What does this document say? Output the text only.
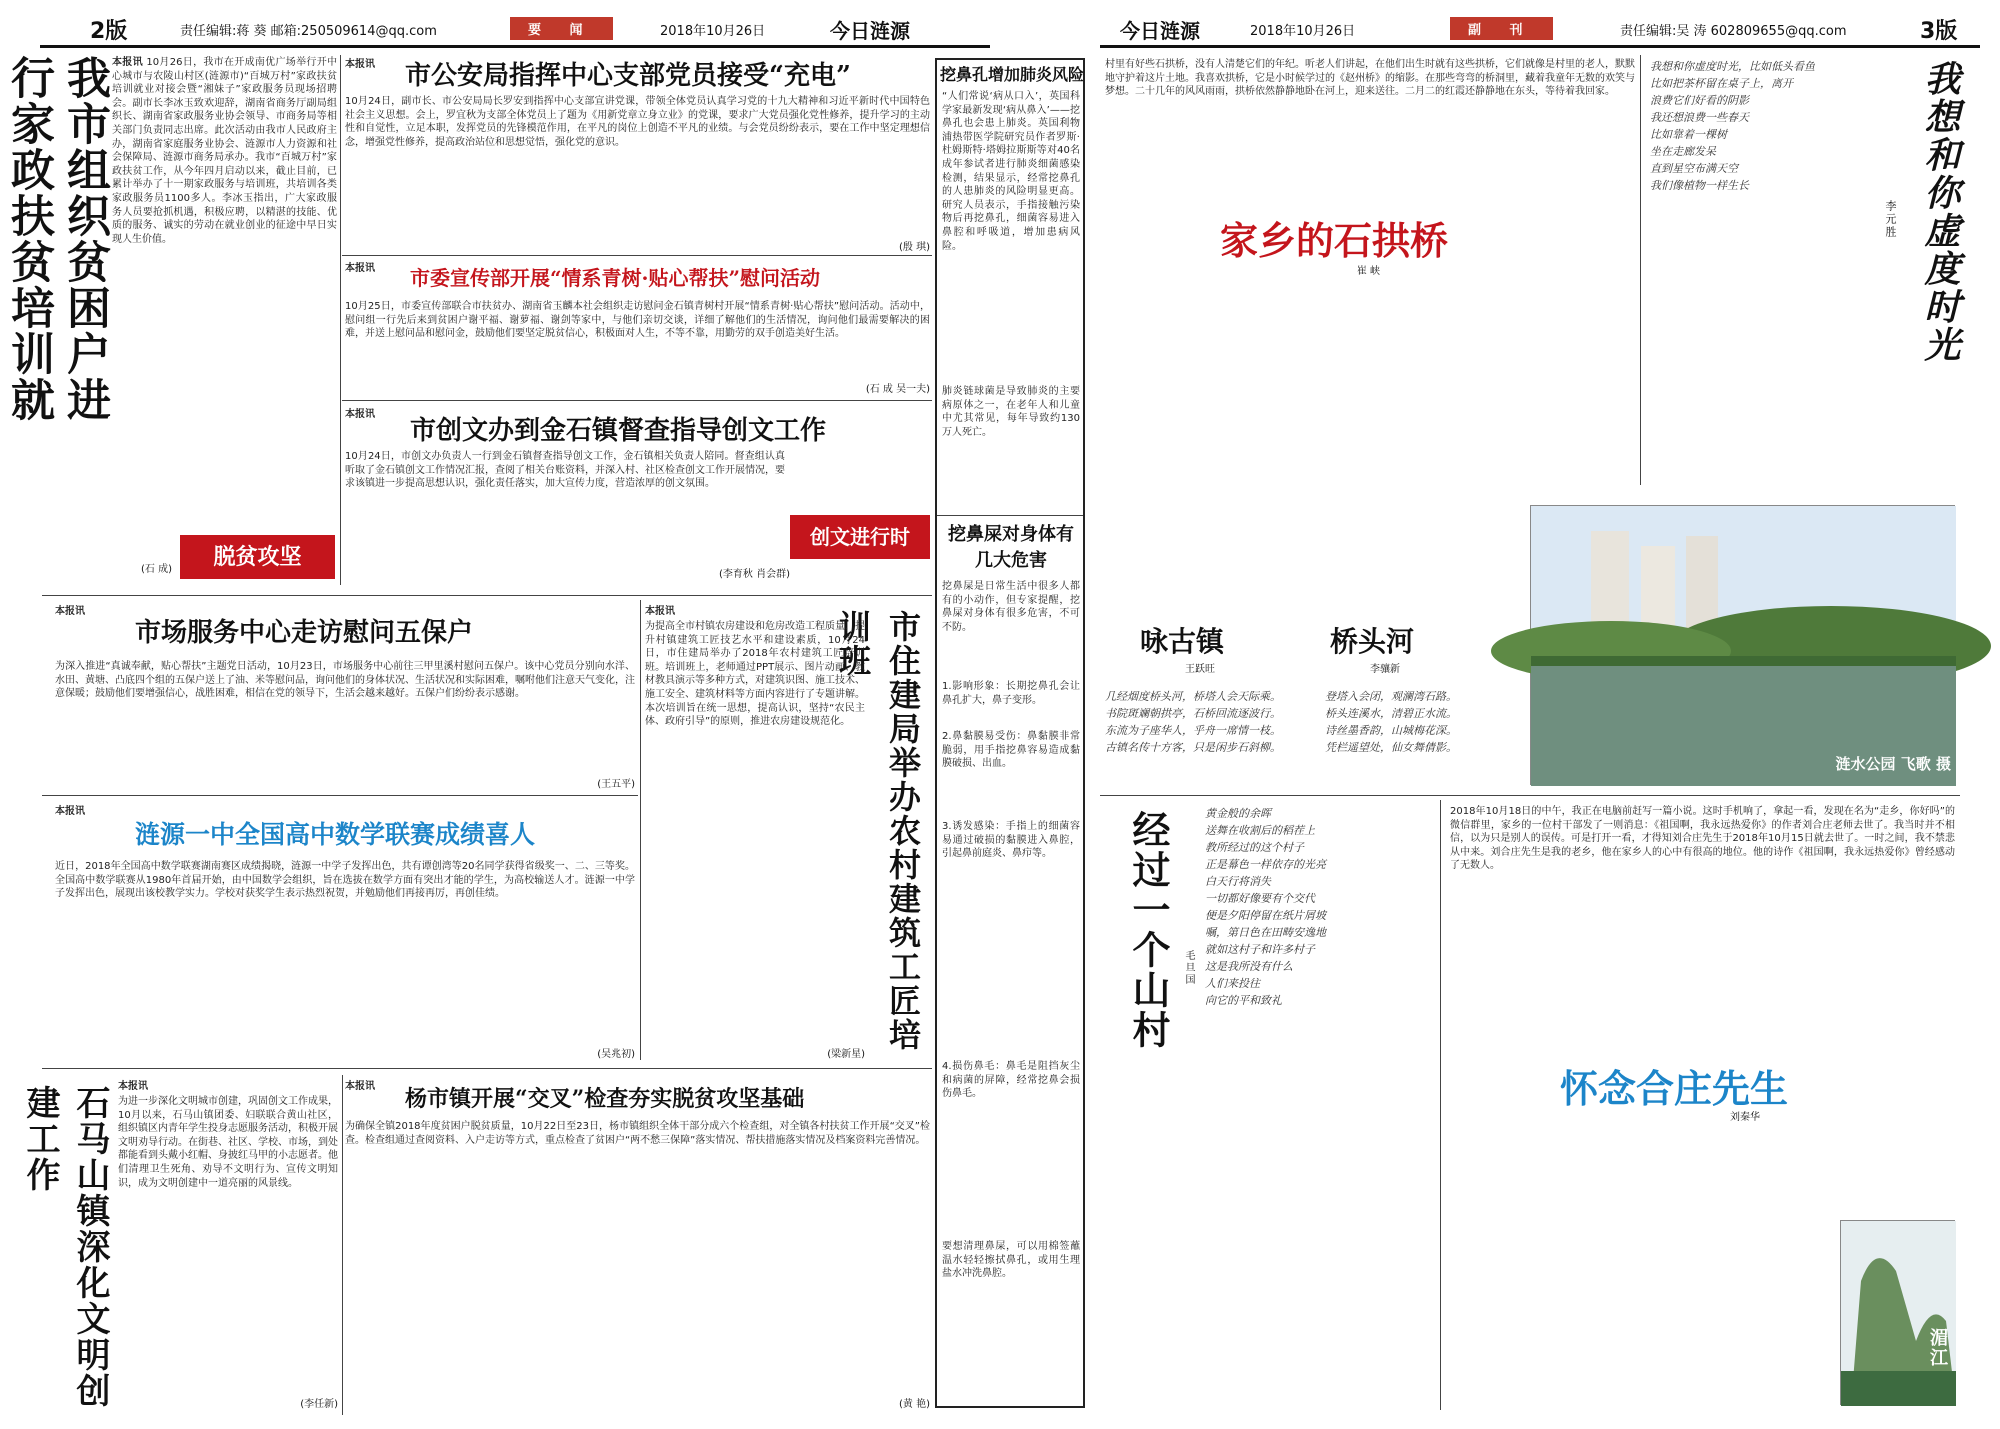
2版	责任编辑:蒋 葵 邮箱:250509614@qq.com	要 闻	2018年10月26日	今日涟源	今日涟源	2018年10月26日	副 刊	责任编辑:吴 涛 602809655@qq.com	3版
我市组织贫困户进行家政扶贫培训就
本报讯 10月26日，我市在开成南优广场举行开中心城市与农陵山村区(涟源市)“百城万村”家政扶贫培训就业对接会暨“湘妹子”家政服务员现场招聘会。副市长李冰玉致欢迎辞，湖南省商务厅副局组织长、湖南省家政服务业协会领导、市商务局等相关部门负责同志出席。此次活动由我市人民政府主办，湖南省家庭服务业协会、涟源市人力资源和社会保障局、涟源市商务局承办。我市“百城万村”家政扶贫工作，从今年四月启动以来，截止目前，已累计举办了十一期家政服务与培训班，共培训各类家政服务员1100多人。李冰玉指出，广大家政服务人员要抢抓机遇，积极应聘，以精湛的技能、优质的服务、诚实的劳动在就业创业的征途中早日实现人生价值。
(石 成)	脱贫攻坚
市公安局指挥中心支部党员接受“充电”
本报讯
10月24日，副市长、市公安局局长罗安到指挥中心支部宣讲党课，带领全体党员认真学习党的十九大精神和习近平新时代中国特色社会主义思想。会上，罗宜秋为支部全体党员上了题为《用新党章立身立业》的党课，要求广大党员强化党性修养，提升学习的主动性和自觉性，立足本职，发挥党员的先锋模范作用，在平凡的岗位上创造不平凡的业绩。与会党员纷纷表示，要在工作中坚定理想信念，增强党性修养，提高政治站位和思想觉悟，强化党的意识。
(殷 琪)
本报讯	市委宣传部开展“情系青树·贴心帮扶”慰问活动
10月25日，市委宣传部联合市扶贫办、湖南省玉麟本社会组织走访慰问金石镇青树村开展“情系青树·贴心帮扶”慰问活动。活动中，慰问组一行先后来到贫困户谢平福、谢萝福、谢剑等家中，与他们亲切交谈，详细了解他们的生活情况，询问他们最需要解决的困难，并送上慰问品和慰问金，鼓励他们要坚定脱贫信心，积极面对人生，不等不靠，用勤劳的双手创造美好生活。
(石 成 吴一夫)
本报讯
市创文办到金石镇督查指导创文工作
10月24日，市创文办负责人一行到金石镇督查指导创文工作，金石镇相关负责人陪同。督查组认真听取了金石镇创文工作情况汇报，查阅了相关台账资料，并深入村、社区检查创文工作开展情况，要求该镇进一步提高思想认识，强化责任落实，加大宣传力度，营造浓厚的创文氛围。
(李育秋 肖会群)
创文进行时
挖鼻孔增加肺炎风险
“人们常说‘病从口入’，英国科学家最新发现‘病从鼻入’——挖鼻孔也会患上肺炎。英国利物浦热带医学院研究员作者罗斯·杜姆斯特·塔姆拉斯斯等对40名成年参试者进行肺炎细菌感染检测，结果显示，经常挖鼻孔的人患肺炎的风险明显更高。研究人员表示，手指接触污染物后再挖鼻孔，细菌容易进入鼻腔和呼吸道，增加患病风险。
肺炎链球菌是导致肺炎的主要病原体之一，在老年人和儿童中尤其常见，每年导致约130万人死亡。
挖鼻屎对身体有几大危害
挖鼻屎是日常生活中很多人都有的小动作，但专家提醒，挖鼻屎对身体有很多危害，不可不防。
1.影响形象：长期挖鼻孔会让鼻孔扩大，鼻子变形。
2.鼻黏膜易受伤：鼻黏膜非常脆弱，用手指挖鼻容易造成黏膜破损、出血。
3.诱发感染：手指上的细菌容易通过破损的黏膜进入鼻腔，引起鼻前庭炎、鼻疖等。
4.损伤鼻毛：鼻毛是阻挡灰尘和病菌的屏障，经常挖鼻会损伤鼻毛。
要想清理鼻屎，可以用棉签蘸温水轻轻擦拭鼻孔，或用生理盐水冲洗鼻腔。
本报讯
市场服务中心走访慰问五保户
为深入推进“真诚奉献，贴心帮扶”主题党日活动，10月23日，市场服务中心前往三甲里溪村慰问五保户。该中心党员分别向水洋、水田、黄塘、凸底四个组的五保户送上了油、米等慰问品，询问他们的身体状况、生活状况和实际困难，嘱咐他们注意天气变化，注意保暖；鼓励他们要增强信心，战胜困难，相信在党的领导下，生活会越来越好。五保户们纷纷表示感谢。
(王五平)	市住建局举办农村建筑工匠培训班
本报讯
为提高全市村镇农房建设和危房改造工程质量，提升村镇建筑工匠技艺水平和建设素质，10月24日，市住建局举办了2018年农村建筑工匠培训班。培训班上，老师通过PPT展示、图片动画、教材教具演示等多种方式，对建筑识图、施工技术、施工安全、建筑材料等方面内容进行了专题讲解。本次培训旨在统一思想，提高认识，坚持“农民主体、政府引导”的原则，推进农房建设规范化。
(梁新星)
本报讯
涟源一中全国高中数学联赛成绩喜人
近日，2018年全国高中数学联赛湖南赛区成绩揭晓，涟源一中学子发挥出色，共有谭创湾等20名同学获得省级奖一、二、三等奖。全国高中数学联赛从1980年首届开始，由中国数学会组织，旨在选拔在数学方面有突出才能的学生，为高校输送人才。涟源一中学子发挥出色，展现出该校教学实力。学校对获奖学生表示热烈祝贺，并勉励他们再接再厉，再创佳绩。
(吴兆初)
石马山镇深化文明创建工作	本报讯
为进一步深化文明城市创建，巩固创文工作成果，10月以来，石马山镇团委、妇联联合黄山社区，组织镇区内青年学生投身志愿服务活动，积极开展文明劝导行动。在街巷、社区、学校、市场，到处都能看到头戴小红帽、身披红马甲的小志愿者。他们清理卫生死角、劝导不文明行为、宣传文明知识，成为文明创建中一道亮丽的风景线。
(李任新)
本报讯	杨市镇开展“交叉”检查夯实脱贫攻坚基础
为确保全镇2018年度贫困户脱贫质量，10月22日至23日，杨市镇组织全体干部分成六个检查组，对全镇各村扶贫工作开展“交叉”检查。检查组通过查阅资料、入户走访等方式，重点检查了贫困户“两不愁三保障”落实情况、帮扶措施落实情况及档案资料完善情况。
(黄 艳)
家乡的石拱桥
崔 峡
村里有好些石拱桥，没有人清楚它们的年纪。听老人们讲起，在他们出生时就有这些拱桥，它们就像是村里的老人，默默地守护着这片土地。我喜欢拱桥，它是小时候学过的《赵州桥》的缩影。在那些弯弯的桥洞里，藏着我童年无数的欢笑与梦想。二十几年的风风雨雨，拱桥依然静静地卧在河上，迎来送往。二月二的红霞还静静地在东头，等待着我回家。	我想和你虚度时光
李元胜
我想和你虚度时光，比如低头看鱼
比如把茶杯留在桌子上，离开
浪费它们好看的阴影
我还想浪费一些春天
比如靠着一棵树
坐在走廊发呆
直到星空布满天空
我们像植物一样生长
涟水公园 飞歌 摄
咏古镇
王跃旺
几经烟度桥头河，桥塔人会天际乘。
书院斑斓朝拱亭，石桥回流逐波行。
东流为子座华人，乎舟一席情一枝。
古镇名传十方客，只是闲步石斜柳。
桥头河
李骧新
登塔入会闭，观澜湾石路。
桥头连溪水，清碧正水流。
诗丝墨香韵，山城梅花深。
凭栏遥望处，仙女舞倩影。
经过一个山村	毛旦国
黄金般的余晖
送舞在收割后的稻茬上
教所经过的这个村子
正是幕色一样依存的光亮
白天行将消失
一切都好像要有个交代
便是夕阳停留在纸片屑坡
嘱，第日色在田畴安逸地
就如这村子和许多村子
这是我所没有什么
人们来投往
向它的平和致礼
怀念合庄先生
刘秦华
2018年10月18日的中午，我正在电脑前赶写一篇小说。这时手机响了，拿起一看，发现在名为“走乡，你好吗”的微信群里，家乡的一位村干部发了一则消息：《祖国啊，我永远热爱你》的作者刘合庄老师去世了。我当时并不相信，以为只是别人的误传。可是打开一看，才得知刘合庄先生于2018年10月15日就去世了。一时之间，我不禁悲从中来。刘合庄先生是我的老乡，他在家乡人的心中有很高的地位。他的诗作《祖国啊，我永远热爱你》曾经感动了无数人。
湄江
